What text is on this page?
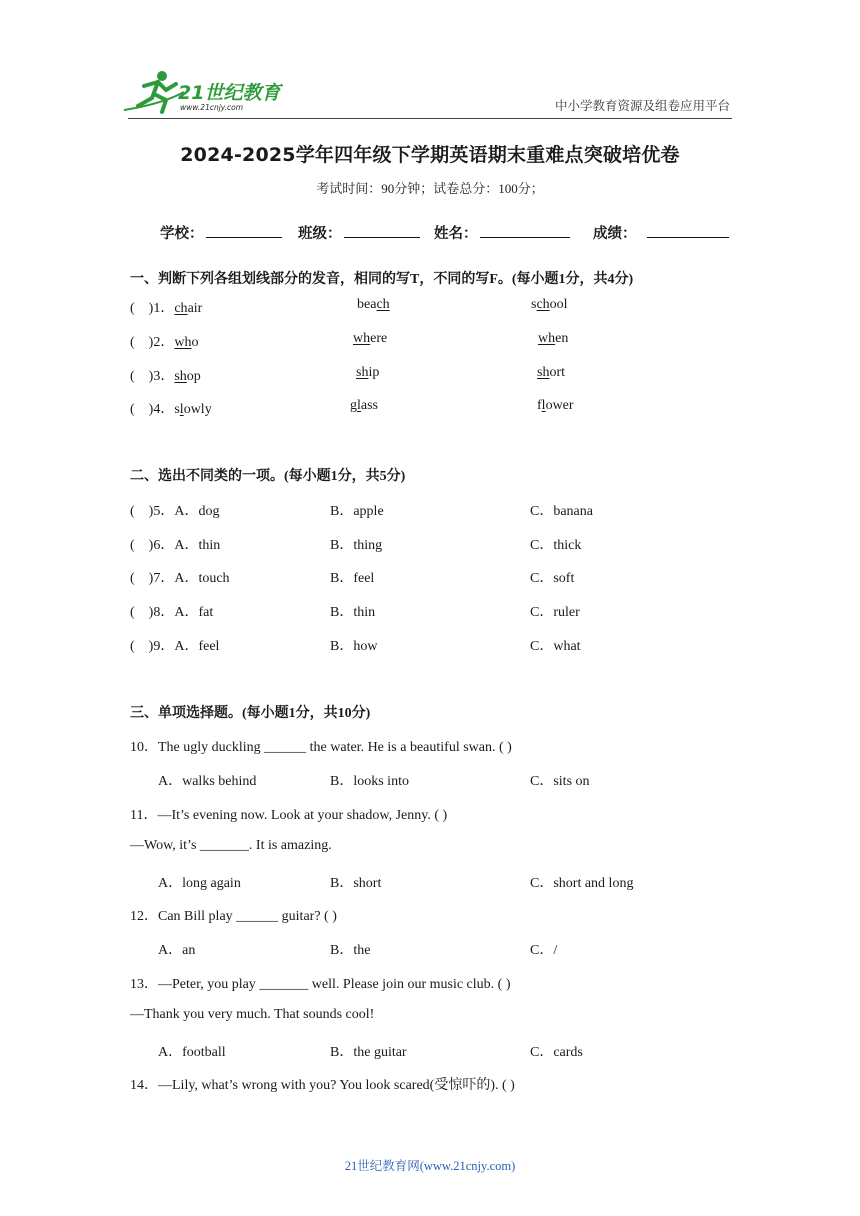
21世纪教育
www.21cnjy.com	中小学教育资源及组卷应用平台
2024-2025学年四年级下学期英语期末重难点突破培优卷
考试时间：90分钟；试卷总分：100分；
学校：	班级：	姓名：	成绩：
一、判断下列各组划线部分的发音，相同的写T，不同的写F。(每小题1分，共4分)
(    )1．chair	beach	school
(    )2．who	where	when
(    )3．shop	ship	short
(    )4．slowly	glass	flower
二、选出不同类的一项。(每小题1分，共5分)
(    )5．A．dog	B．apple	C．banana
(    )6．A．thin	B．thing	C．thick
(    )7．A．touch	B．feel	C．soft
(    )8．A．fat	B．thin	C．ruler
(    )9．A．feel	B．how	C．what
三、单项选择题。(每小题1分，共10分)
10．The ugly duckling ______ the water. He is a beautiful swan. ( )
A．walks behind	B．looks into	C．sits on
11．—It’s evening now. Look at your shadow, Jenny. ( )
—Wow, it’s _______. It is amazing.
A．long again	B．short	C．short and long
12．Can Bill play ______ guitar? ( )
A．an	B．the	C．/
13．—Peter, you play _______ well. Please join our music club. ( )
—Thank you very much. That sounds cool!
A．football	B．the guitar	C．cards
14．—Lily, what’s wrong with you? You look scared(受惊吓的). ( )
21世纪教育网(www.21cnjy.com)
